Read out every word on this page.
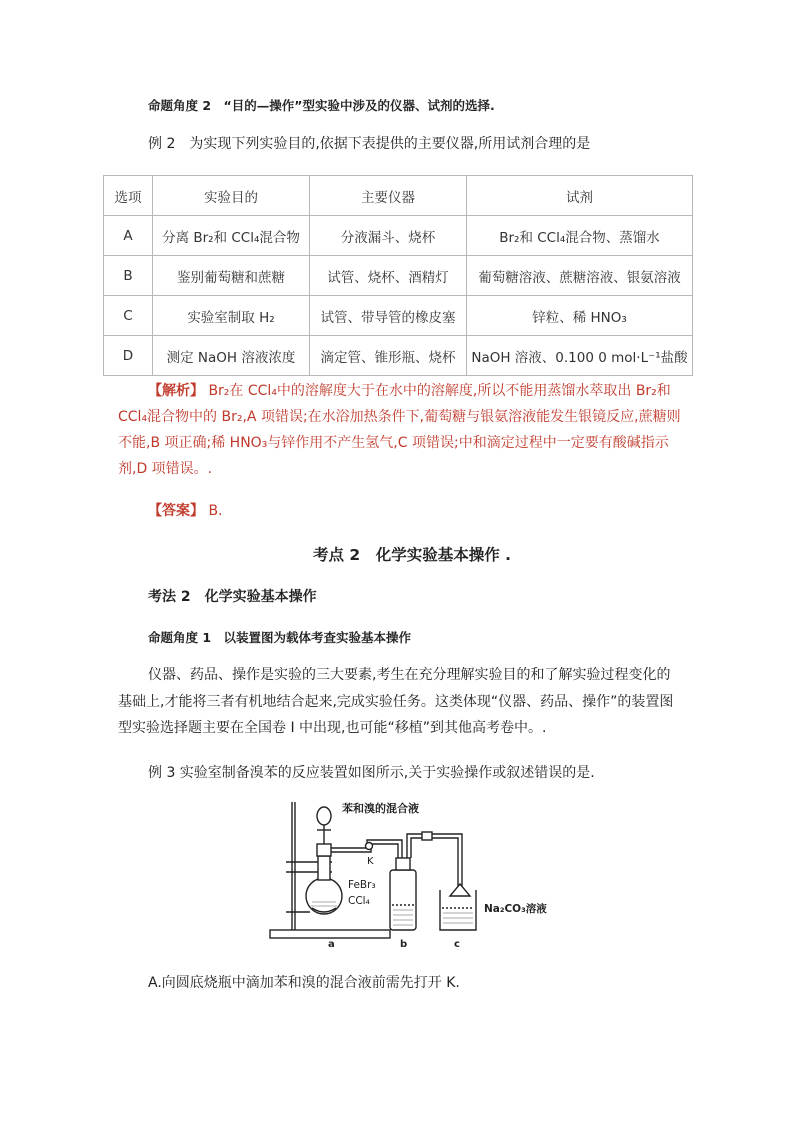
命题角度 2　“目的—操作”型实验中涉及的仪器、试剂的选择.
例 2　为实现下列实验目的,依据下表提供的主要仪器,所用试剂合理的是
选项	实验目的	主要仪器	试剂
A	分离 Br₂和 CCl₄混合物	分液漏斗、烧杯	Br₂和 CCl₄混合物、蒸馏水
B	鉴别葡萄糖和蔗糖	试管、烧杯、酒精灯	葡萄糖溶液、蔗糖溶液、银氨溶液
C	实验室制取 H₂	试管、带导管的橡皮塞	锌粒、稀 HNO₃
D	测定 NaOH 溶液浓度	滴定管、锥形瓶、烧杯	NaOH 溶液、0.100 0 mol·L⁻¹盐酸
【解析】 Br₂在 CCl₄中的溶解度大于在水中的溶解度,所以不能用蒸馏水萃取出 Br₂和
CCl₄混合物中的 Br₂,A 项错误;在水浴加热条件下,葡萄糖与银氨溶液能发生银镜反应,蔗糖则
不能,B 项正确;稀 HNO₃与锌作用不产生氢气,C 项错误;中和滴定过程中一定要有酸碱指示
剂,D 项错误。.
【答案】 B.
考点 2　化学实验基本操作 .
考法 2　化学实验基本操作
命题角度 1　以装置图为载体考查实验基本操作
仪器、药品、操作是实验的三大要素,考生在充分理解实验目的和了解实验过程变化的
基础上,才能将三者有机地结合起来,完成实验任务。这类体现“仪器、药品、操作”的装置图
型实验选择题主要在全国卷 I 中出现,也可能“移植”到其他高考卷中。.
例 3 实验室制备溴苯的反应装置如图所示,关于实验操作或叙述错误的是.
苯和溴的混合液
K
FeBr₃
CCl₄
Na₂CO₃溶液
a	b	c
A.向圆底烧瓶中滴加苯和溴的混合液前需先打开 K.
